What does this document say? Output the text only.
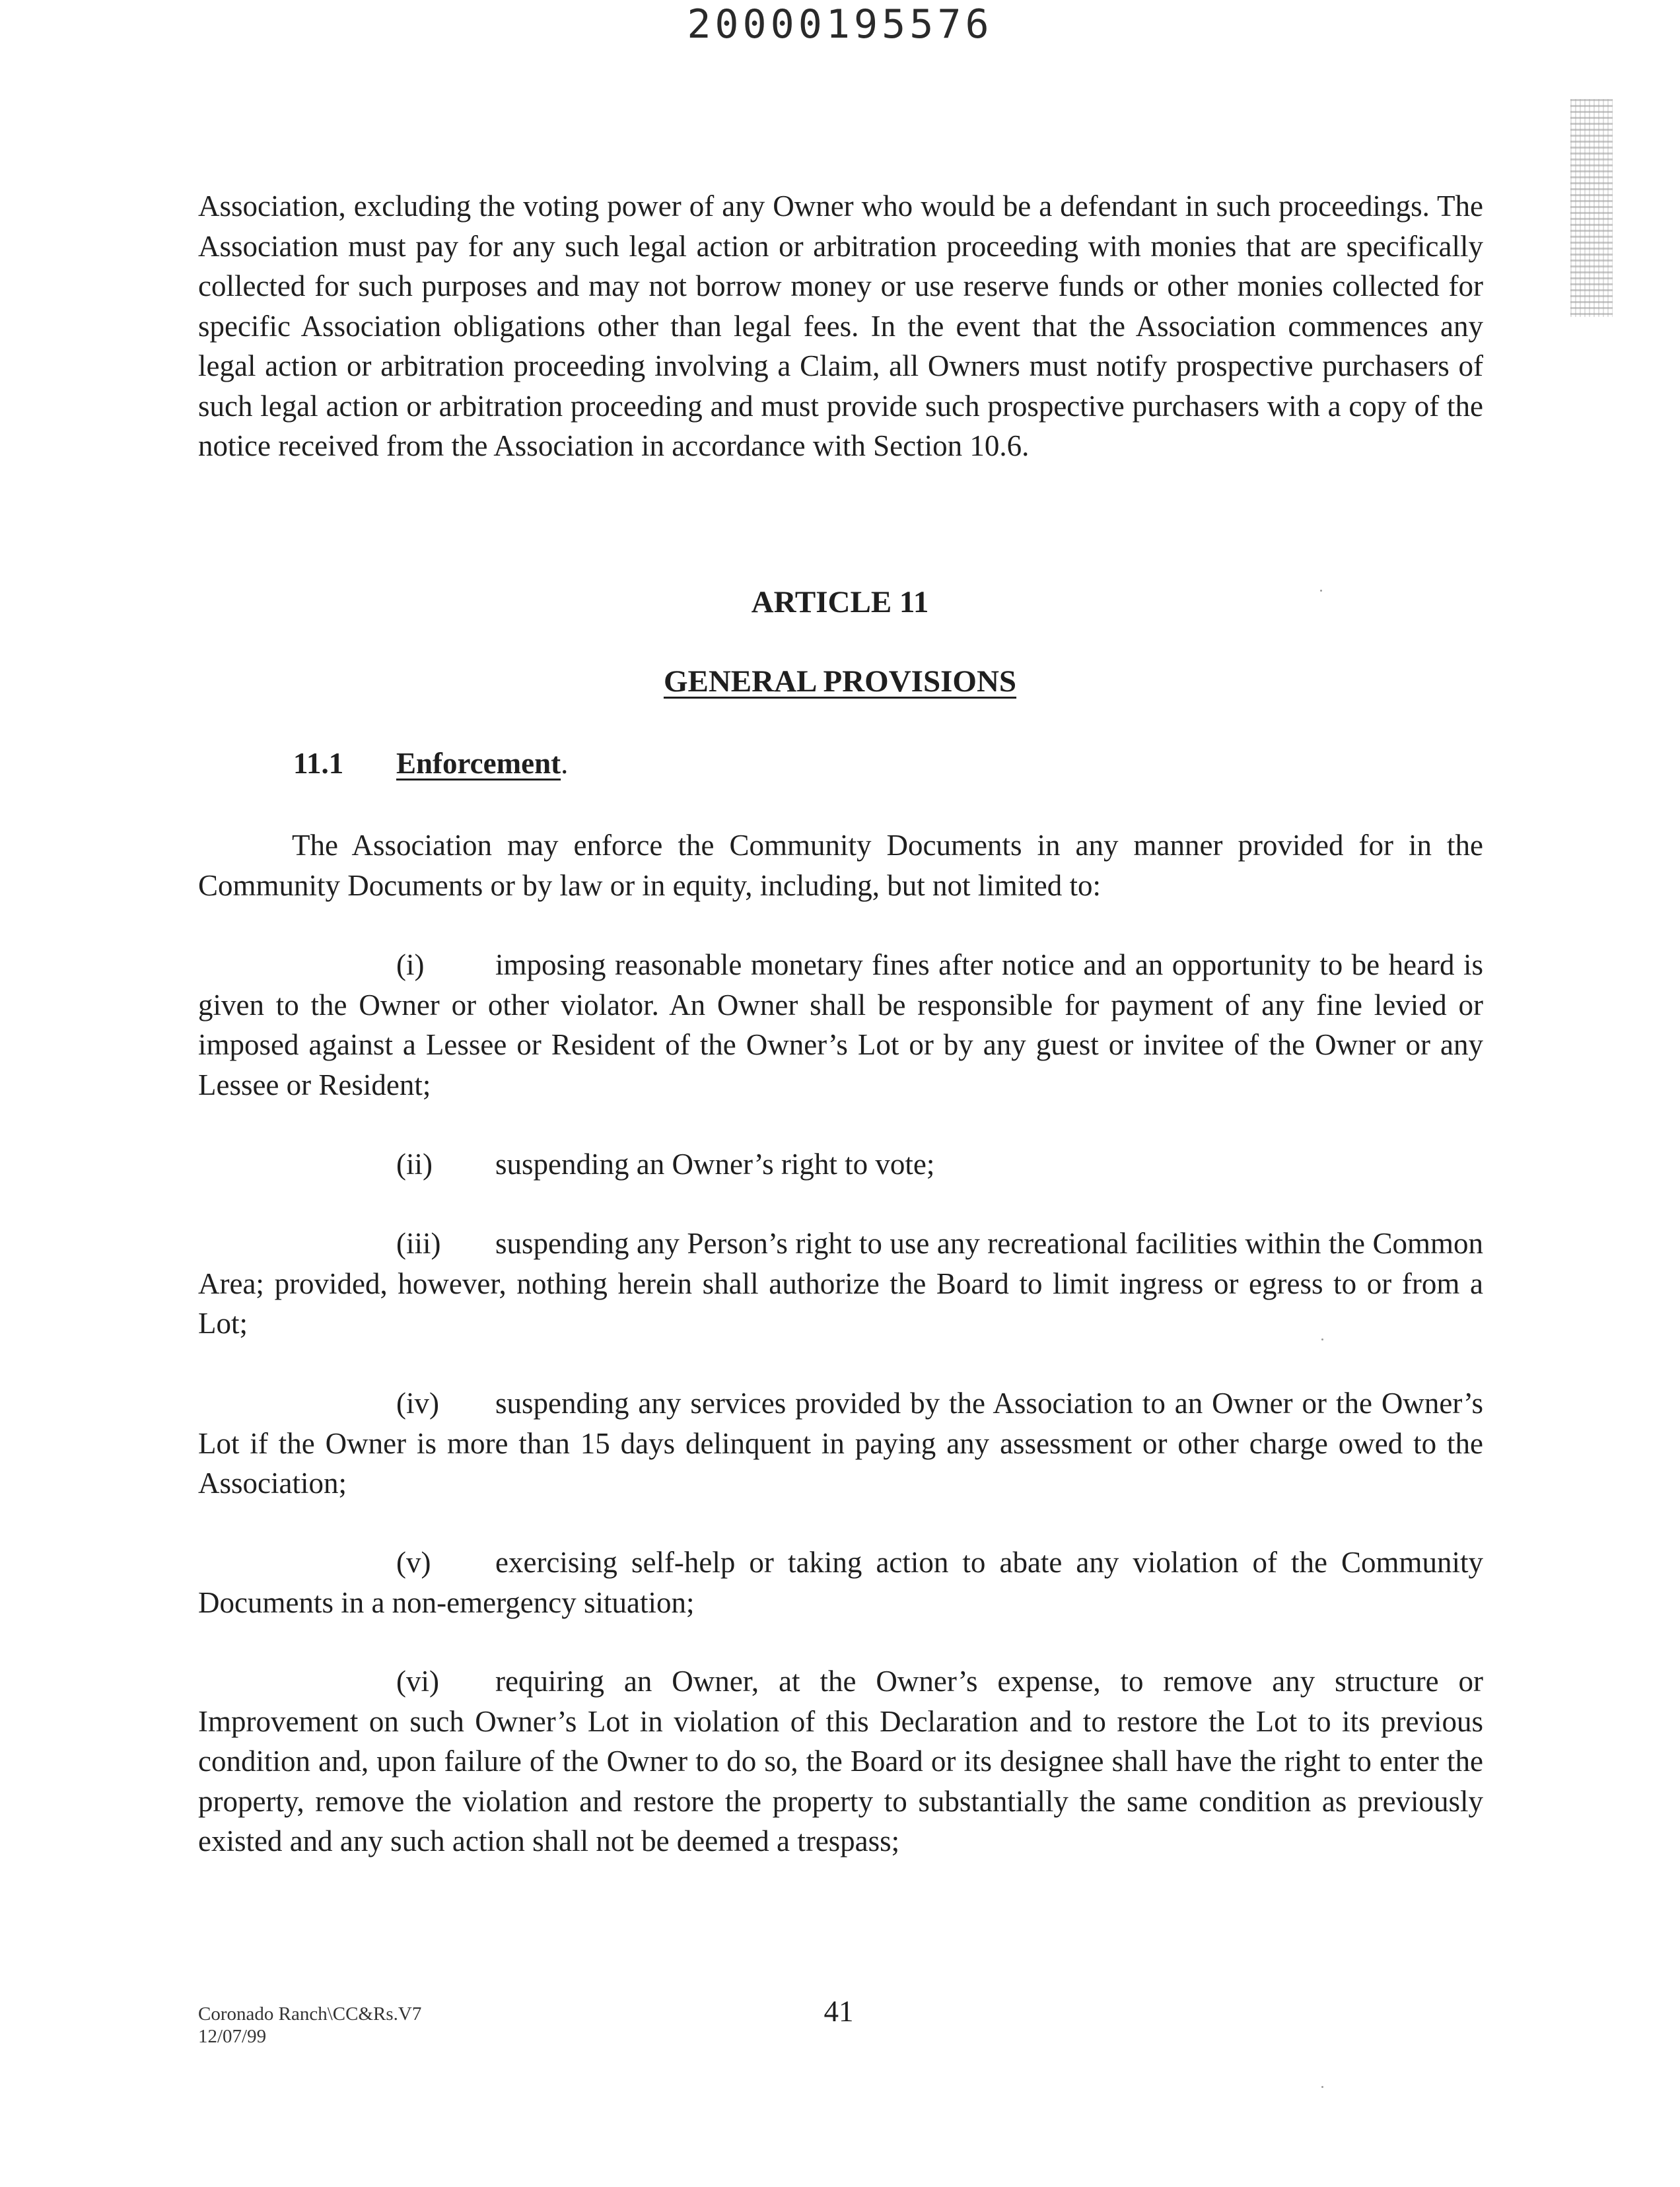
20000195576

Association, excluding the voting power of any Owner who would be a defendant in such proceedings. The Association must pay for any such legal action or arbitration proceeding with monies that are specifically collected for such purposes and may not borrow money or use reserve funds or other monies collected for specific Association obligations other than legal fees. In the event that the Association commences any legal action or arbitration proceeding involving a Claim, all Owners must notify prospective purchasers of such legal action or arbitration proceeding and must provide such prospective purchasers with a copy of the notice received from the Association in accordance with Section 10.6.

ARTICLE 11
GENERAL PROVISIONS
11.1 Enforcement.

The Association may enforce the Community Documents in any manner provided for in the Community Documents or by law or in equity, including, but not limited to:

(i) imposing reasonable monetary fines after notice and an opportunity to be heard is given to the Owner or other violator. An Owner shall be responsible for payment of any fine levied or imposed against a Lessee or Resident of the Owner’s Lot or by any guest or invitee of the Owner or any Lessee or Resident;

(ii) suspending an Owner’s right to vote;

(iii) suspending any Person’s right to use any recreational facilities within the Common Area; provided, however, nothing herein shall authorize the Board to limit ingress or egress to or from a Lot;

(iv) suspending any services provided by the Association to an Owner or the Owner’s Lot if the Owner is more than 15 days delinquent in paying any assessment or other charge owed to the Association;

(v) exercising self-help or taking action to abate any violation of the Community Documents in a non-emergency situation;

(vi) requiring an Owner, at the Owner’s expense, to remove any structure or Improvement on such Owner’s Lot in violation of this Declaration and to restore the Lot to its previous condition and, upon failure of the Owner to do so, the Board or its designee shall have the right to enter the property, remove the violation and restore the property to substantially the same condition as previously existed and any such action shall not be deemed a trespass;

Coronado Ranch\CC&Rs.V7
12/07/99
41
